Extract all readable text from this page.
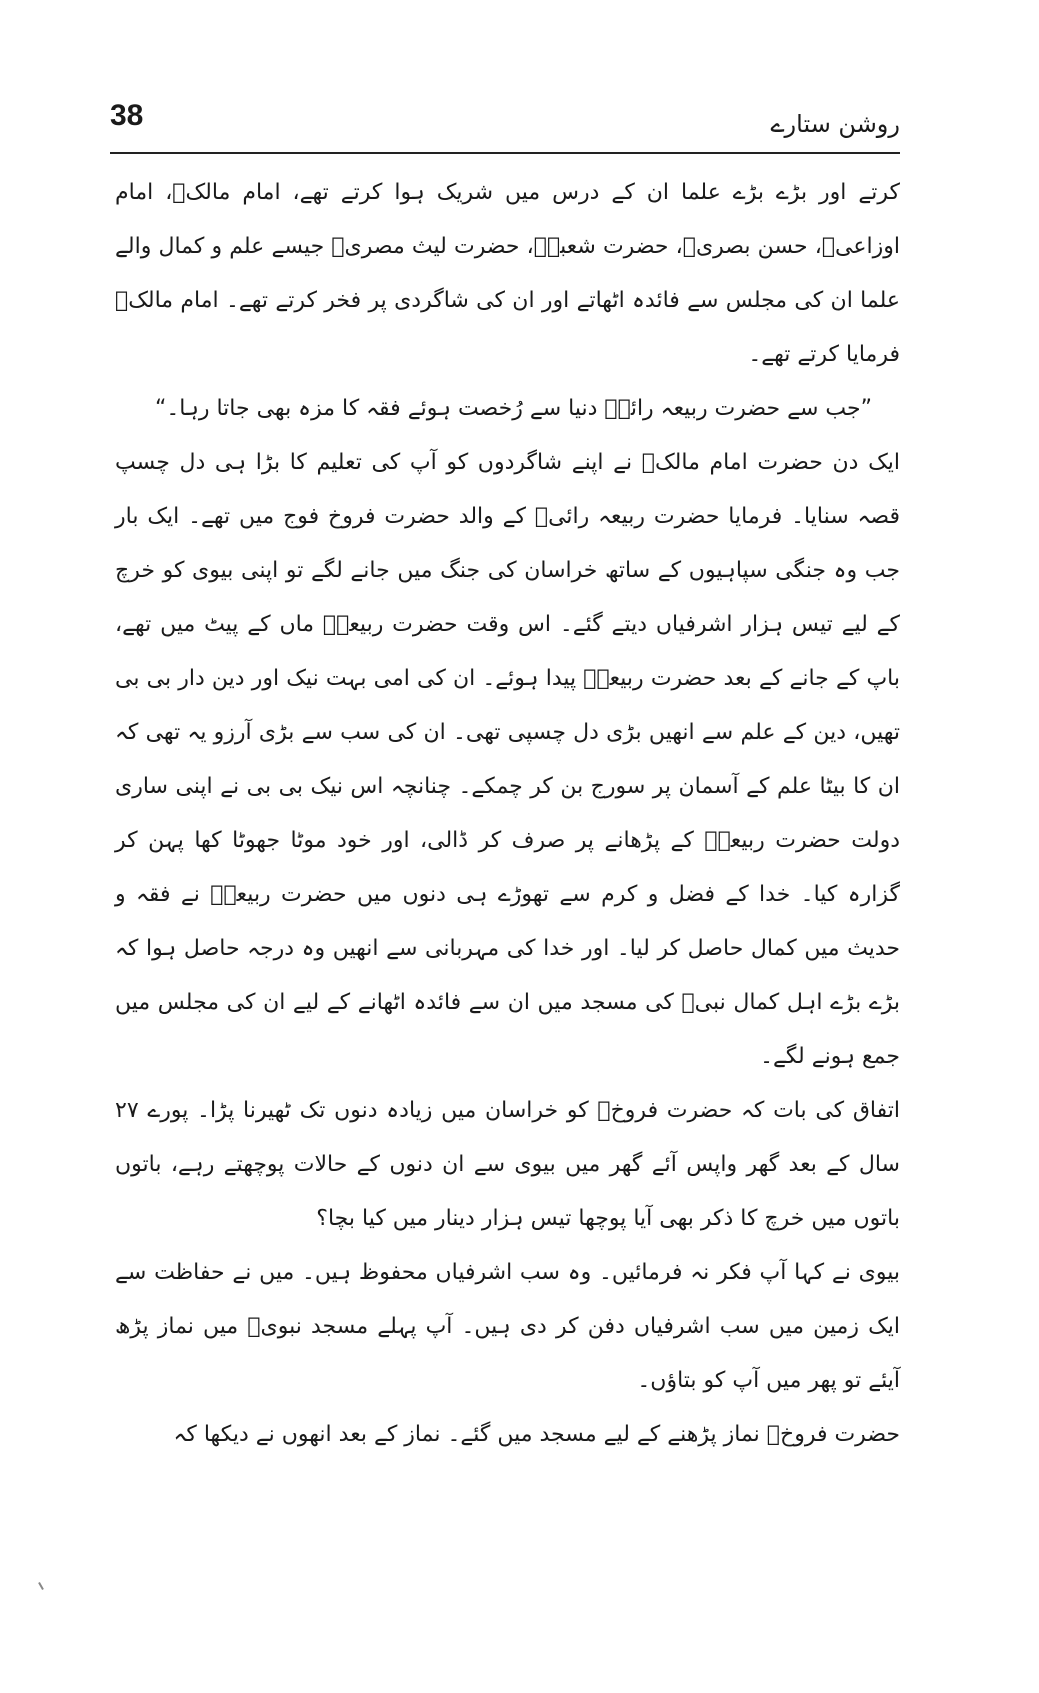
38	روشن ستارے

کرتے اور بڑے بڑے علما ان کے درس میں شریک ہوا کرتے تھے، امام مالکؒ، امام اوزاعیؒ، حسن بصریؒ، حضرت شعبہؒ، حضرت لیث مصریؒ جیسے علم و کمال والے علما ان کی مجلس سے فائدہ اٹھاتے اور ان کی شاگردی پر فخر کرتے تھے۔ امام مالکؒ فرمایا کرتے تھے۔

”جب سے حضرت ربیعہ رائےؒ دنیا سے رُخصت ہوئے فقہ کا مزہ بھی جاتا رہا۔“

ایک دن حضرت امام مالکؒ نے اپنے شاگردوں کو آپ کی تعلیم کا بڑا ہی دل چسپ قصہ سنایا۔ فرمایا حضرت ربیعہ رائیؒ کے والد حضرت فروخ فوج میں تھے۔ ایک بار جب وہ جنگی سپاہیوں کے ساتھ خراسان کی جنگ میں جانے لگے تو اپنی بیوی کو خرچ کے لیے تیس ہزار اشرفیاں دیتے گئے۔ اس وقت حضرت ربیعہؒ ماں کے پیٹ میں تھے، باپ کے جانے کے بعد حضرت ربیعہؒ پیدا ہوئے۔ ان کی امی بہت نیک اور دین دار بی بی تھیں، دین کے علم سے انھیں بڑی دل چسپی تھی۔ ان کی سب سے بڑی آرزو یہ تھی کہ ان کا بیٹا علم کے آسمان پر سورج بن کر چمکے۔ چنانچہ اس نیک بی بی نے اپنی ساری دولت حضرت ربیعہؒ کے پڑھانے پر صرف کر ڈالی، اور خود موٹا جھوٹا کھا پہن کر گزارہ کیا۔ خدا کے فضل و کرم سے تھوڑے ہی دنوں میں حضرت ربیعہؒ نے فقہ و حدیث میں کمال حاصل کر لیا۔ اور خدا کی مہربانی سے انھیں وہ درجہ حاصل ہوا کہ بڑے بڑے اہل کمال نبیؐ کی مسجد میں ان سے فائدہ اٹھانے کے لیے ان کی مجلس میں جمع ہونے لگے۔

اتفاق کی بات کہ حضرت فروخؒ کو خراسان میں زیادہ دنوں تک ٹھیرنا پڑا۔ پورے ۲۷ سال کے بعد گھر واپس آئے گھر میں بیوی سے ان دنوں کے حالات پوچھتے رہے، باتوں باتوں میں خرچ کا ذکر بھی آیا پوچھا تیس ہزار دینار میں کیا بچا؟

بیوی نے کہا آپ فکر نہ فرمائیں۔ وہ سب اشرفیاں محفوظ ہیں۔ میں نے حفاظت سے ایک زمین میں سب اشرفیاں دفن کر دی ہیں۔ آپ پہلے مسجد نبویؐ میں نماز پڑھ آیئے تو پھر میں آپ کو بتاؤں۔

حضرت فروخؒ نماز پڑھنے کے لیے مسجد میں گئے۔ نماز کے بعد انھوں نے دیکھا کہ
